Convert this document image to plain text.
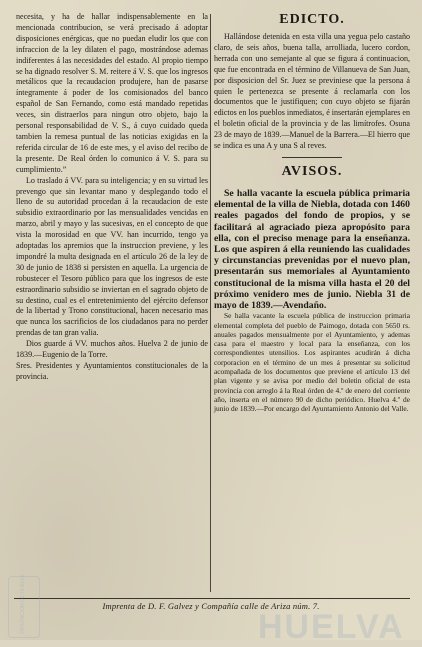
necesita, y ha de hallar indispensablemente en la mencionada contribucion, se verá precisado á adoptar disposiciones enérgicas, que no puedan eludir los que con infraccion de la ley dilaten el pago, mostrándose ademas indiferentes á las necesidades del estado. Al propio tiempo se ha dignado resolver S. M. reitere á V. S. que los ingresos metálicos que la recaudacion produjere, han de pasarse íntegramente á poder de los comisionados del banco español de San Fernando, como está mandado repetidas veces, sin distraerlos para ningun otro objeto, bajo la personal responsabilidad de V. S., á cuyo cuidado queda tambien la remesa puntual de las noticias exigidas en la referida circular de 16 de este mes, y el aviso del recibo de la presente. De Real órden lo comunico á V. S. para su cumplimiento.”

Lo traslado á VV. para su inteligencia; y en su virtud les prevengo que sin levantar mano y desplegando todo el lleno de su autoridad procedan á la recaudacion de este subsidio extraordinario por las mensualidades vencidas en marzo, abril y mayo y las sucesivas, en el concepto de que vista la morosidad en que VV. han incurrido, tengo ya adoptadas los apremios que la instruccion previene, y les impondré la multa designada en el artículo 26 de la ley de 30 de junio de 1838 si persisten en aquella. La urgencia de robustecer el Tesoro público para que los ingresos de este estraordinario subsidio se inviertan en el sagrado objeto de su destino, cual es el entretenimiento del ejército defensor de la libertad y Trono constitucional, hacen necesario mas que nunca los sacrificios de los ciudadanos para no perder prendas de tan gran valia.

Dios guarde á VV. muchos años. Huelva 2 de junio de 1839.—Eugenio de la Torre.

Sres. Presidentes y Ayuntamientos constitucionales de la provincia.

EDICTO.

Hallándose detenida en esta villa una yegua pelo castaño claro, de seis años, buena talla, arrolliada, lucero cordon, herrada con uno semejante al que se figura á continuacion, que fue encontrada en el término de Villanueva de San Juan, por disposicion del Sr. Juez se previniese que la persona á quien le pertenezca se presente á reclamarla con los documentos que le justifiquen; con cuyo objeto se fijarán edictos en los pueblos inmediatos, é insertarán ejemplares en el boletin oficial de la provincia y de las limítrofes. Osuna 23 de mayo de 1839.—Manuel de la Barrera.—El hierro que se indica es una A y una S al reves.

AVISOS.

Se halla vacante la escuela pública primaria elemental de la villa de Niebla, dotada con 1460 reales pagados del fondo de propios, y se facilitará al agraciado pieza apropósito para ella, con el preciso menage para la enseñanza. Los que aspiren á ella reuniendo las cualidades y circunstancias prevenidas por el nuevo plan, presentarán sus memoriales al Ayuntamiento constitucional de la misma villa hasta el 20 del próximo venidero mes de junio. Niebla 31 de mayo de 1839.—Avendaño.

Se halla vacante la escuela pública de instruccion primaria elemental completa del pueblo de Paimogo, dotada con 5650 rs. anuales pagados mensualmente por el Ayuntamiento, y ademas casa para el maestro y local para la enseñanza, con los correspondientes utensilios. Los aspirantes acudirán á dicha corporacion en el término de un mes á presentar su solicitud acompañada de los documentos que previene el artículo 13 del plan vigente y se avisa por medio del boletin oficial de esta provincia con arreglo á la Real órden de 4.º de enero del corriente año, inserta en el número 90 de dicho periódico. Huelva 4.º de junio de 1839.—Por encargo del Ayuntamiento Antonio del Valle.

Imprenta de D. F. Galvez y Compañía calle de Ariza núm. 7.
DIPUTACION DE HUELVA	HUELVA
